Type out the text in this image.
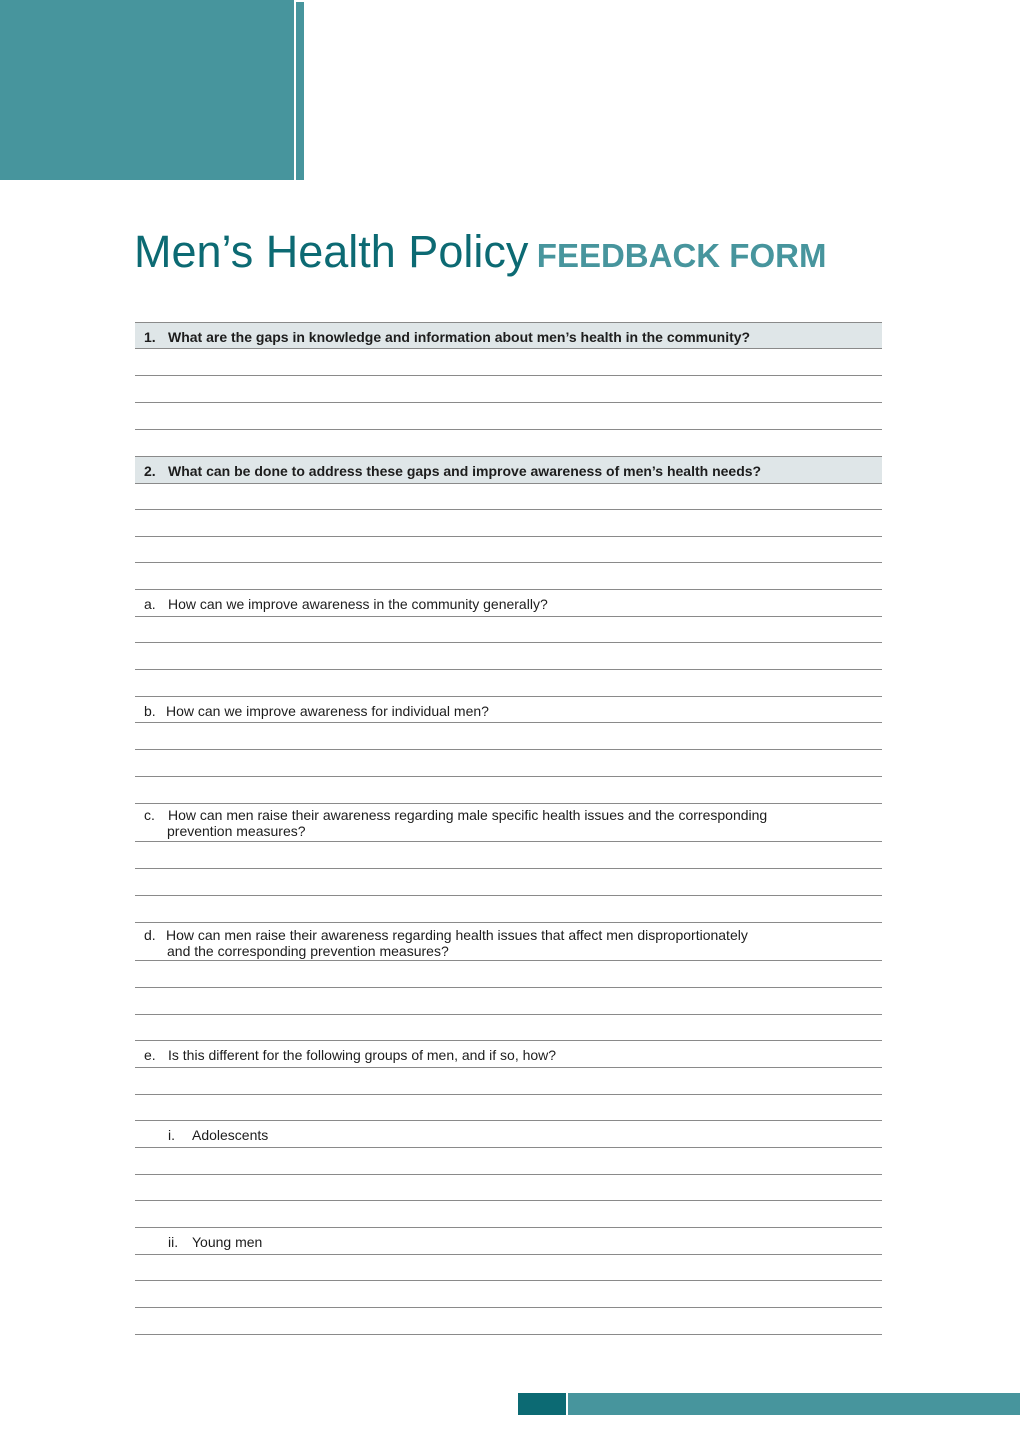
Men’s Health Policy FEEDBACK FORM
1. What are the gaps in knowledge and information about men’s health in the community?
2. What can be done to address these gaps and improve awareness of men’s health needs?
a. How can we improve awareness in the community generally?
b. How can we improve awareness for individual men?
c. How can men raise their awareness regarding male specific health issues and the corresponding
prevention measures?
d. How can men raise their awareness regarding health issues that affect men disproportionately
and the corresponding prevention measures?
e. Is this different for the following groups of men, and if so, how?
i. Adolescents
ii. Young men
